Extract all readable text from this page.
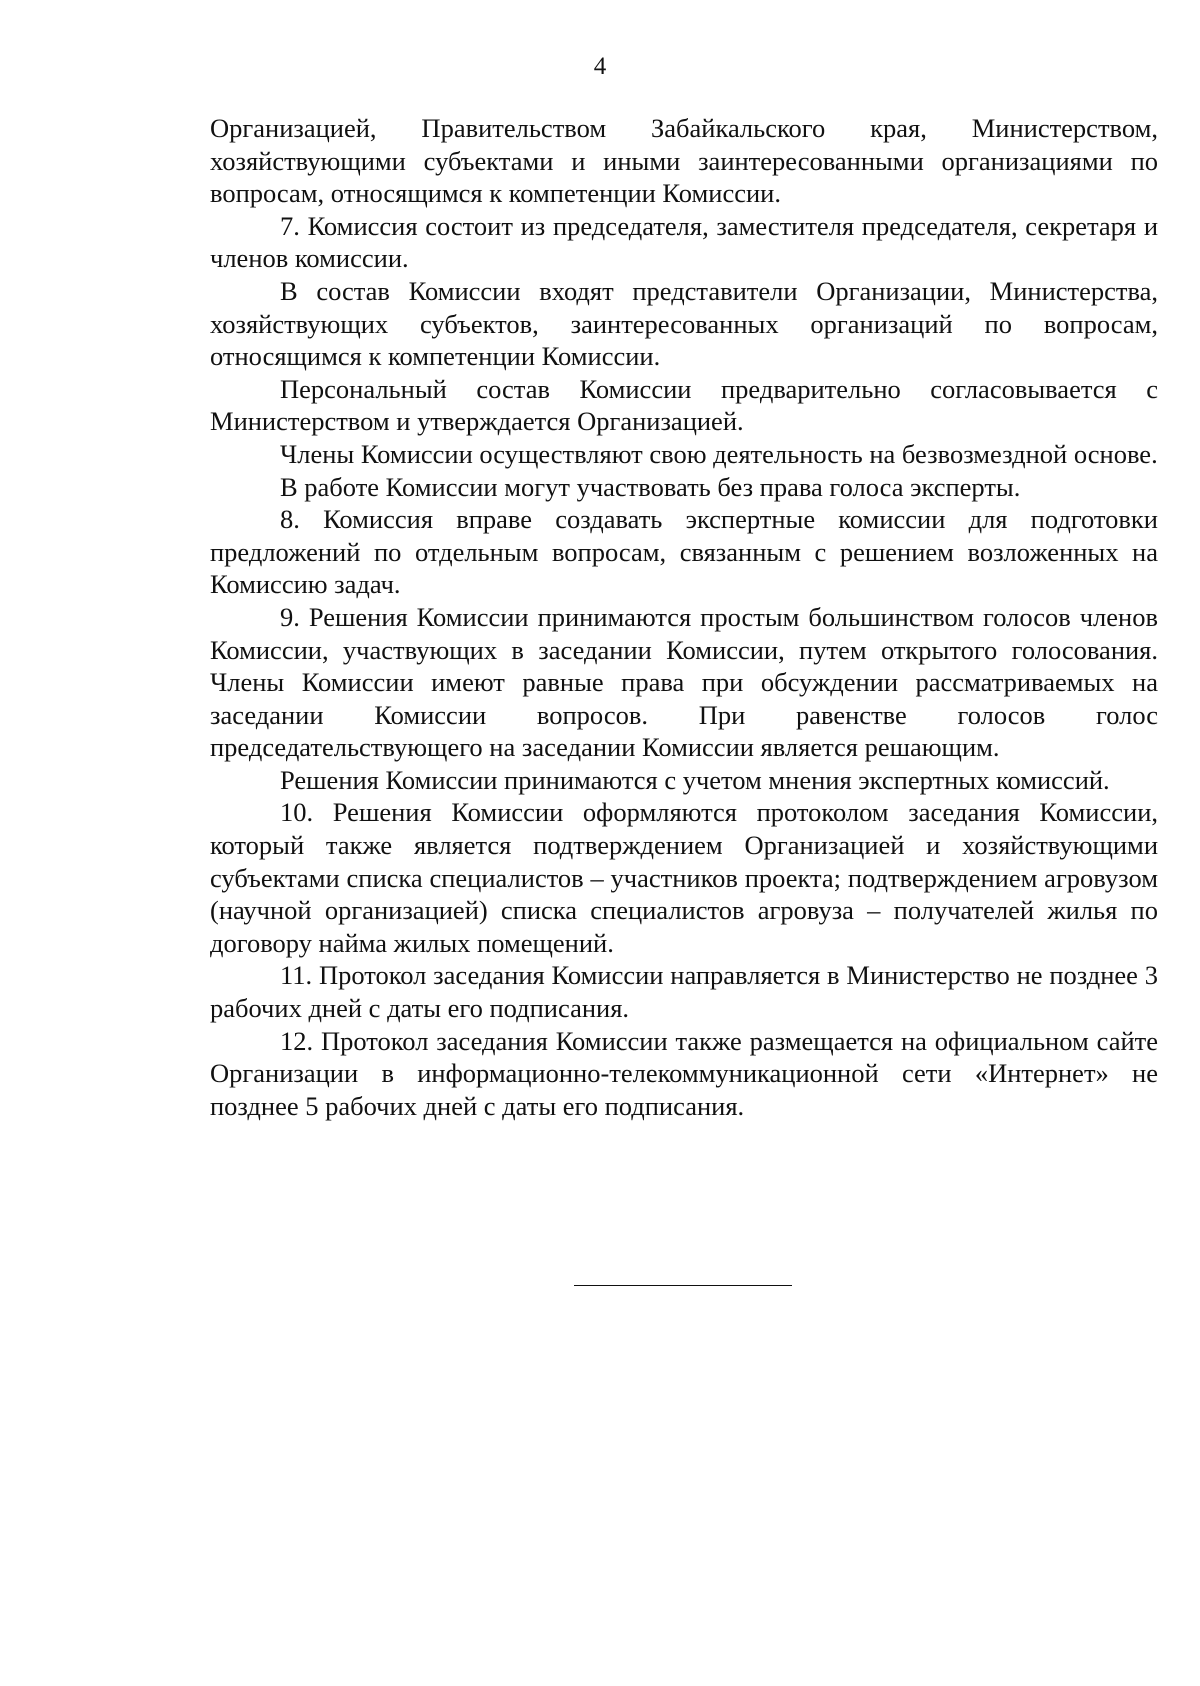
4

Организацией, Правительством Забайкальского края, Министерством, хозяйствующими субъектами и иными заинтересованными организациями по вопросам, относящимся к компетенции Комиссии.

7. Комиссия состоит из председателя, заместителя председателя, секретаря и членов комиссии.

В состав Комиссии входят представители Организации, Министерства, хозяйствующих субъектов, заинтересованных организаций по вопросам, относящимся к компетенции Комиссии.

Персональный состав Комиссии предварительно согласовывается с Министерством и утверждается Организацией.

Члены Комиссии осуществляют свою деятельность на безвозмездной основе.

В работе Комиссии могут участвовать без права голоса эксперты.

8. Комиссия вправе создавать экспертные комиссии для подготовки предложений по отдельным вопросам, связанным с решением возложенных на Комиссию задач.

9. Решения Комиссии принимаются простым большинством голосов членов Комиссии, участвующих в заседании Комиссии, путем открытого голосования. Члены Комиссии имеют равные права при обсуждении рассматриваемых на заседании Комиссии вопросов. При равенстве голосов голос председательствующего на заседании Комиссии является решающим.

Решения Комиссии принимаются с учетом мнения экспертных комиссий.

10. Решения Комиссии оформляются протоколом заседания Комиссии, который также является подтверждением Организацией и хозяйствующими субъектами списка специалистов – участников проекта; подтверждением агровузом (научной организацией) списка специалистов агровуза – получателей жилья по договору найма жилых помещений.

11. Протокол заседания Комиссии направляется в Министерство не позднее 3 рабочих дней с даты его подписания.

12. Протокол заседания Комиссии также размещается на официальном сайте Организации в информационно-телекоммуникационной сети «Интернет» не позднее 5 рабочих дней с даты его подписания.
